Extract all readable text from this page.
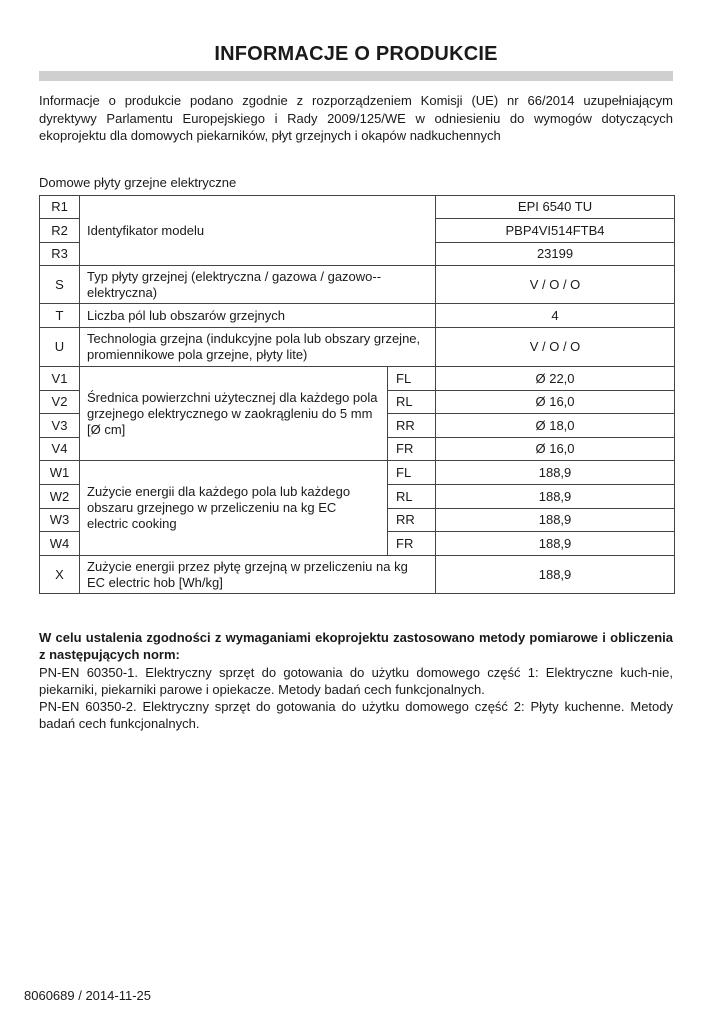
INFORMACJE O PRODUKCIE
Informacje o produkcie podano zgodnie z rozporządzeniem Komisji (UE) nr 66/2014 uzupełniającym dyrektywy Parlamentu Europejskiego i Rady 2009/125/WE w odniesieniu do wymogów dotyczących ekoprojektu dla domowych piekarników, płyt grzejnych i okapów nadkuchennych
Domowe płyty grzejne elektryczne
R1	Identyfikator modelu		EPI 6540 TU
R2			PBP4VI514FTB4
R3			23199
S	Typ płyty grzejnej (elektryczna / gazowa / gazowo--elektryczna)		V / O / O
T	Liczba pól lub obszarów grzejnych		4
U	Technologia grzejna (indukcyjne pola lub obszary grzejne, promiennikowe pola grzejne, płyty lite)		V / O / O
V1	Średnica powierzchni użytecznej dla każdego pola grzejnego elektrycznego w zaokrągleniu do 5 mm [Ø cm]	FL	Ø 22,0
V2		RL	Ø 16,0
V3		RR	Ø 18,0
V4		FR	Ø 16,0
W1	Zużycie energii dla każdego pola lub każdego obszaru grzejnego w przeliczeniu na kg EC electric cooking	FL	188,9
W2		RL	188,9
W3		RR	188,9
W4		FR	188,9
X	Zużycie energii przez płytę grzejną w przeliczeniu na kg EC electric hob [Wh/kg]		188,9
W celu ustalenia zgodności z wymaganiami ekoprojektu zastosowano metody pomiarowe i obliczenia z następujących norm:

PN-EN 60350-1. Elektryczny sprzęt do gotowania do użytku domowego część 1: Elektryczne kuch-nie, piekarniki, piekarniki parowe i opiekacze. Metody badań cech funkcjonalnych.

PN-EN 60350-2. Elektryczny sprzęt do gotowania do użytku domowego część 2: Płyty kuchenne. Metody badań cech funkcjonalnych.

8060689 / 2014-11-25
